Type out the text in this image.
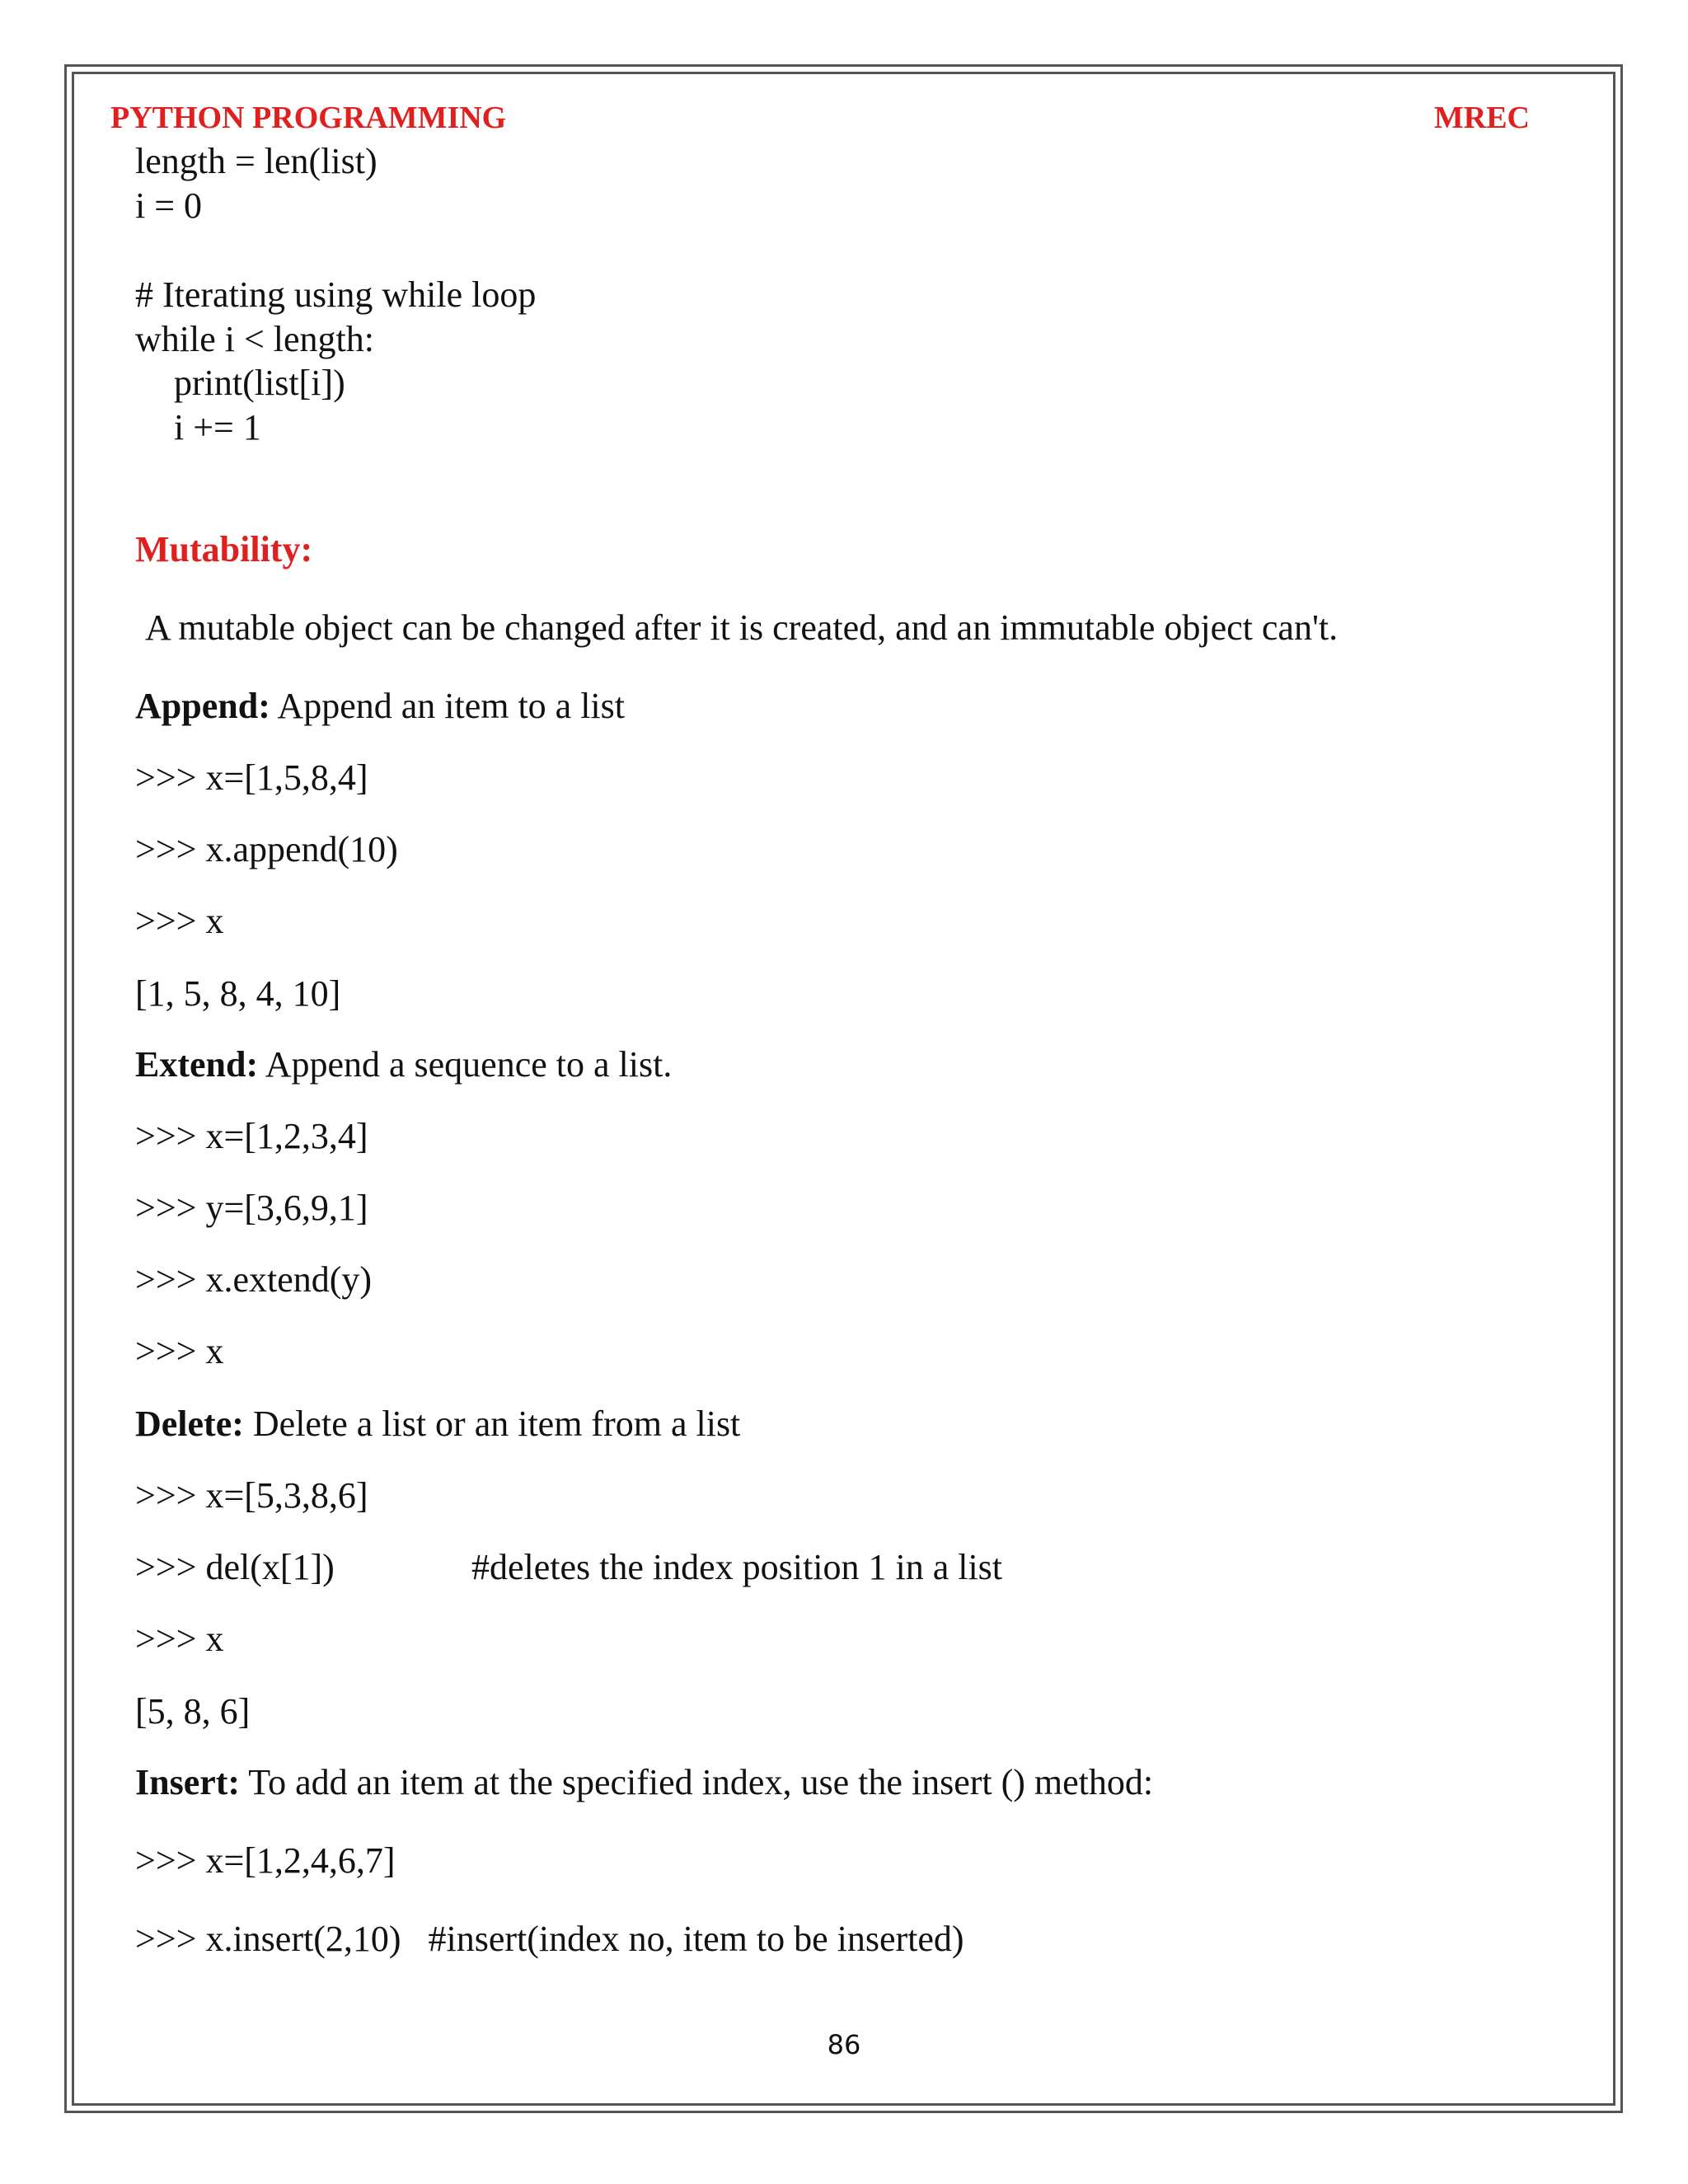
PYTHON PROGRAMMING	MREC
length = len(list)
i = 0
# Iterating using while loop
while i < length:
print(list[i])
i += 1
Mutability:
A mutable object can be changed after it is created, and an immutable object can't.
Append: Append an item to a list
>>> x=[1,5,8,4]
>>> x.append(10)
>>> x
[1, 5, 8, 4, 10]
Extend: Append a sequence to a list.
>>> x=[1,2,3,4]
>>> y=[3,6,9,1]
>>> x.extend(y)
>>> x
Delete: Delete a list or an item from a list
>>> x=[5,3,8,6]
>>> del(x[1])	#deletes the index position 1 in a list
>>> x
[5, 8, 6]
Insert: To add an item at the specified index, use the insert () method:
>>> x=[1,2,4,6,7]
>>> x.insert(2,10)   #insert(index no, item to be inserted)
86
